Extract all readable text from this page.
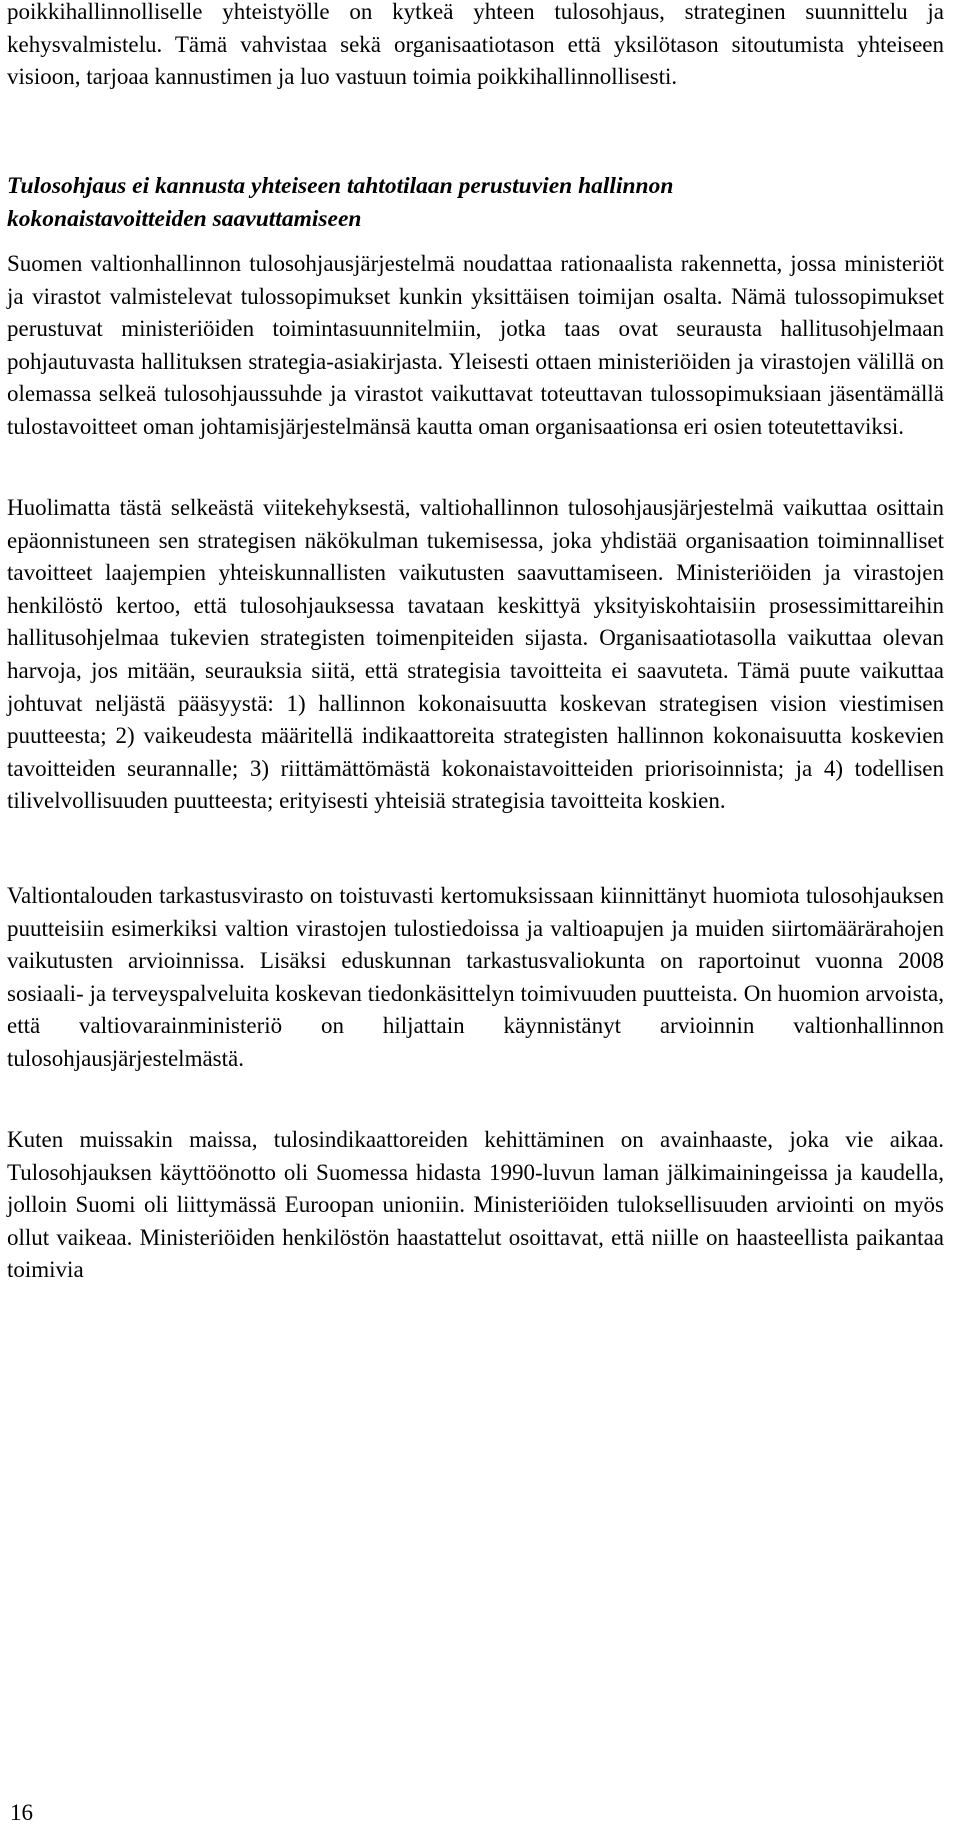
poikkihallinnolliselle yhteistyölle on kytkeä yhteen tulosohjaus, strateginen suunnittelu ja kehysvalmistelu. Tämä vahvistaa sekä organisaatiotason että yksilötason sitoutumista yhteiseen visioon, tarjoaa kannustimen ja luo vastuun toimia poikkihallinnollisesti.

Tulosohjaus ei kannusta yhteiseen tahtotilaan perustuvien hallinnon kokonaistavoitteiden saavuttamiseen

Suomen valtionhallinnon tulosohjausjärjestelmä noudattaa rationaalista rakennetta, jossa ministeriöt ja virastot valmistelevat tulossopimukset kunkin yksittäisen toimijan osalta. Nämä tulossopimukset perustuvat ministeriöiden toimintasuunnitelmiin, jotka taas ovat seurausta hallitusohjelmaan pohjautuvasta hallituksen strategia-asiakirjasta. Yleisesti ottaen ministeriöiden ja virastojen välillä on olemassa selkeä tulosohjaussuhde ja virastot vaikuttavat toteuttavan tulossopimuksiaan jäsentämällä tulostavoitteet oman johtamisjärjestelmänsä kautta oman organisaationsa eri osien toteutettaviksi.

Huolimatta tästä selkeästä viitekehyksestä, valtiohallinnon tulosohjausjärjestelmä vaikuttaa osittain epäonnistuneen sen strategisen näkökulman tukemisessa, joka yhdistää organisaation toiminnalliset tavoitteet laajempien yhteiskunnallisten vaikutusten saavuttamiseen. Ministeriöiden ja virastojen henkilöstö kertoo, että tulosohjauksessa tavataan keskittyä yksityiskohtaisiin prosessimittareihin hallitusohjelmaa tukevien strategisten toimenpiteiden sijasta. Organisaatiotasolla vaikuttaa olevan harvoja, jos mitään, seurauksia siitä, että strategisia tavoitteita ei saavuteta. Tämä puute vaikuttaa johtuvat neljästä pääsyystä: 1) hallinnon kokonaisuutta koskevan strategisen vision viestimisen puutteesta; 2) vaikeudesta määritellä indikaattoreita strategisten hallinnon kokonaisuutta koskevien tavoitteiden seurannalle; 3) riittämättömästä kokonaistavoitteiden priorisoinnista; ja 4) todellisen tilivelvollisuuden puutteesta; erityisesti yhteisiä strategisia tavoitteita koskien.

Valtiontalouden tarkastusvirasto on toistuvasti kertomuksissaan kiinnittänyt huomiota tulosohjauksen puutteisiin esimerkiksi valtion virastojen tulostiedoissa ja valtioapujen ja muiden siirtomäärärahojen vaikutusten arvioinnissa. Lisäksi eduskunnan tarkastusvaliokunta on raportoinut vuonna 2008 sosiaali- ja terveyspalveluita koskevan tiedonkäsittelyn toimivuuden puutteista. On huomion arvoista, että valtiovarainministeriö on hiljattain käynnistänyt arvioinnin valtionhallinnon tulosohjausjärjestelmästä.

Kuten muissakin maissa, tulosindikaattoreiden kehittäminen on avainhaaste, joka vie aikaa. Tulosohjauksen käyttöönotto oli Suomessa hidasta 1990-luvun laman jälkimainingeissa ja kaudella, jolloin Suomi oli liittymässä Euroopan unioniin. Ministeriöiden tuloksellisuuden arviointi on myös ollut vaikeaa. Ministeriöiden henkilöstön haastattelut osoittavat, että niille on haasteellista paikantaa toimivia

16
